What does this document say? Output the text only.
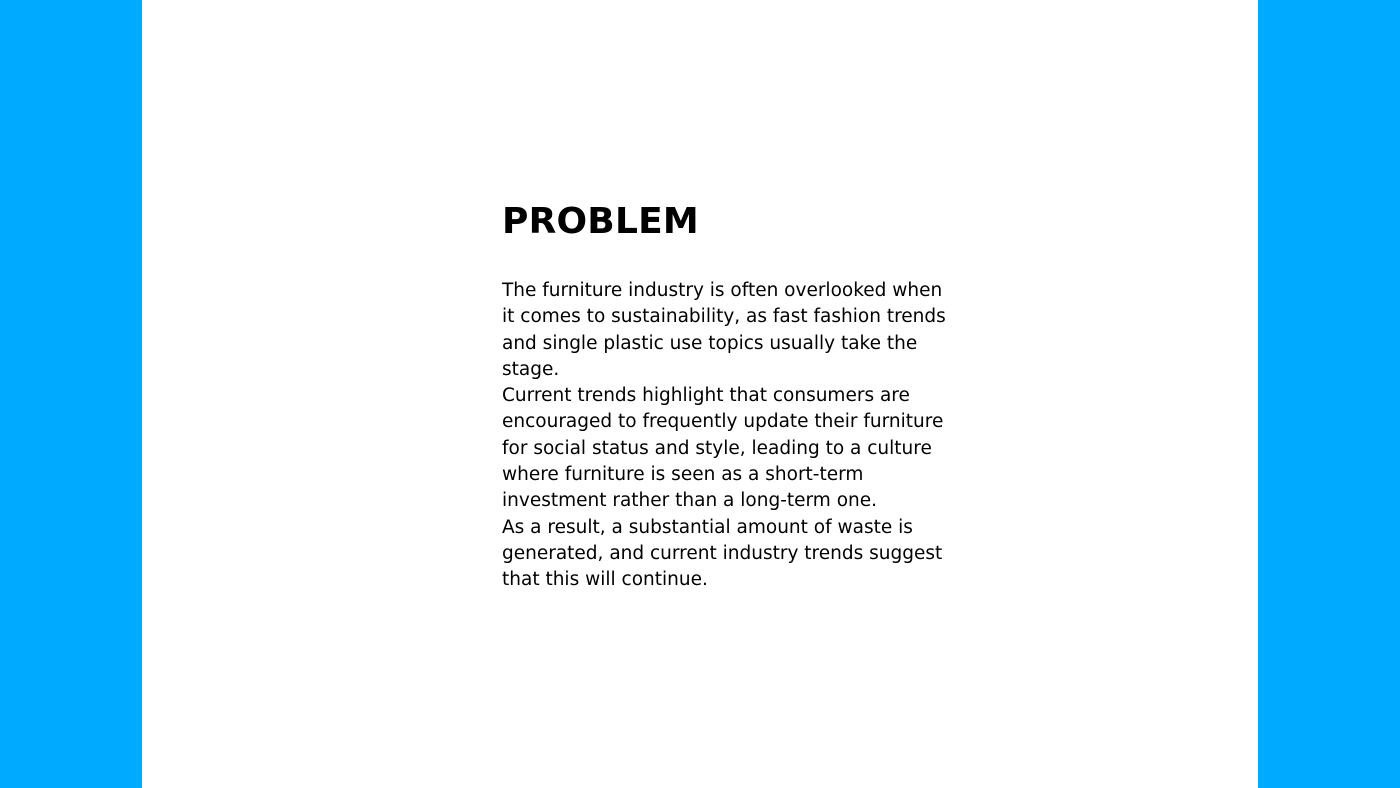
PROBLEM

The furniture industry is often overlooked when it comes to sustainability, as fast fashion trends and single plastic use topics usually take the stage.

Current trends highlight that consumers are encouraged to frequently update their furniture for social status and style, leading to a culture where furniture is seen as a short-term investment rather than a long-term one.

As a result, a substantial amount of waste is generated, and current industry trends suggest that this will continue.
